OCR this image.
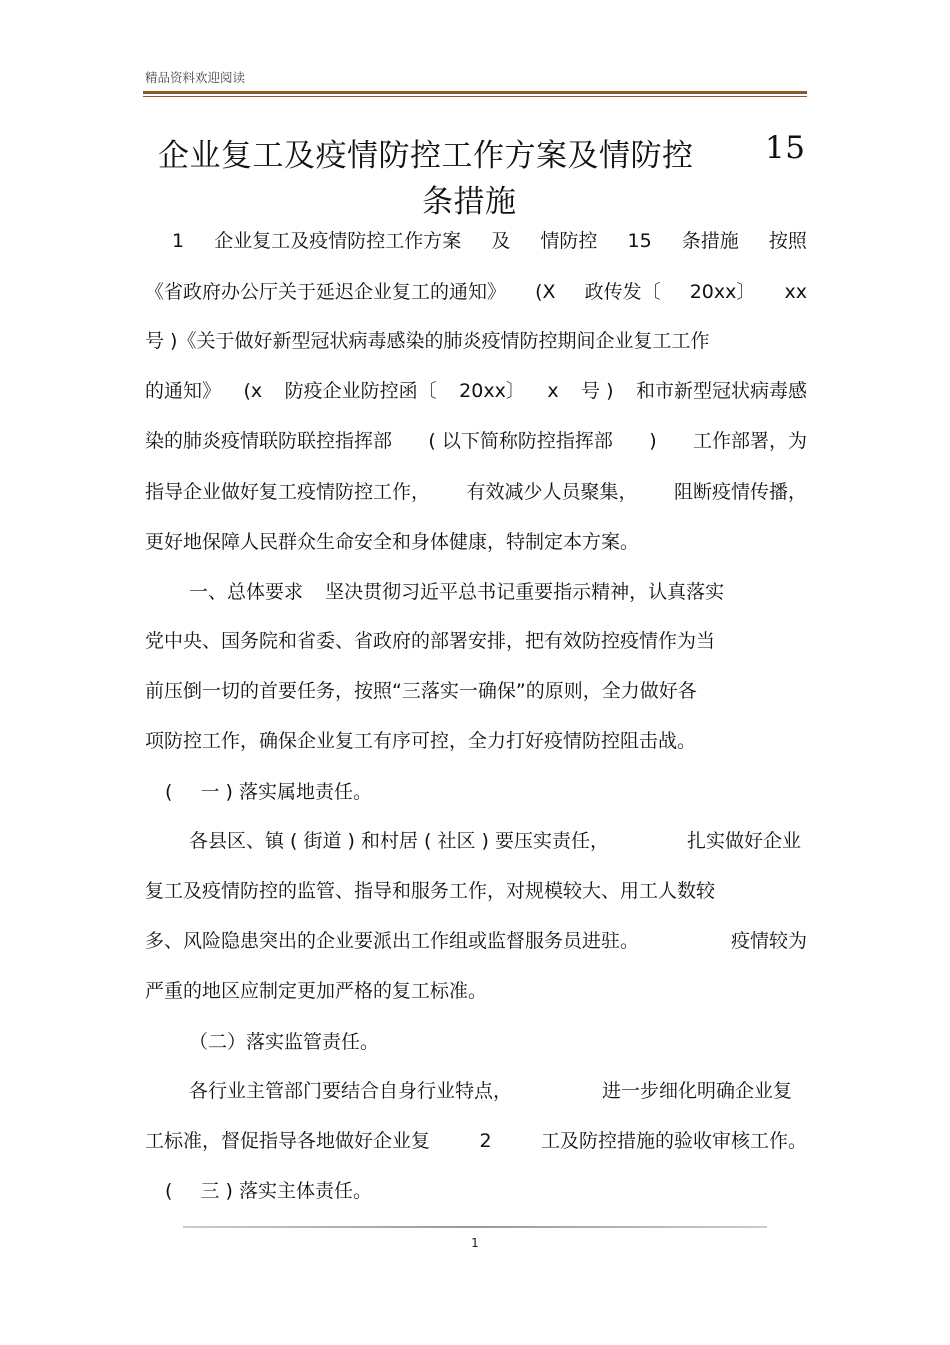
精品资料欢迎阅读
企业复工及疫情防控工作方案及情防控 15
条措施
1 企业复工及疫情防控工作方案 及 情防控 15 条措施 按照
《省政府办公厅关于延迟企业复工的通知》 (X 政传发〔 20xx〕 xx
号 )《关于做好新型冠状病毒感染的肺炎疫情防控期间企业复工工作
的通知》 (x 防疫企业防控函〔 20xx〕 x 号 ) 和市新型冠状病毒感
染的肺炎疫情联防联控指挥部 ( 以下简称防控指挥部 ) 工作部署，为
指导企业做好复工疫情防控工作， 有效减少人员聚集， 阻断疫情传播，
更好地保障人民群众生命安全和身体健康，特制定本方案。
一、总体要求 坚决贯彻习近平总书记重要指示精神，认真落实
党中央、国务院和省委、省政府的部署安排，把有效防控疫情作为当
前压倒一切的首要任务，按照“三落实一确保”的原则，全力做好各
项防控工作，确保企业复工有序可控，全力打好疫情防控阻击战。
( 一 ) 落实属地责任。
各县区、镇 ( 街道 ) 和村居 ( 社区 ) 要压实责任，	扎实做好企业
复工及疫情防控的监管、指导和服务工作，对规模较大、用工人数较
多、风险隐患突出的企业要派出工作组或监督服务员进驻。	疫情较为
严重的地区应制定更加严格的复工标准。
（二）落实监管责任。
各行业主管部门要结合自身行业特点，	进一步细化明确企业复
工标准，督促指导各地做好企业复	2	工及防控措施的验收审核工作。
( 三 ) 落实主体责任。
1
